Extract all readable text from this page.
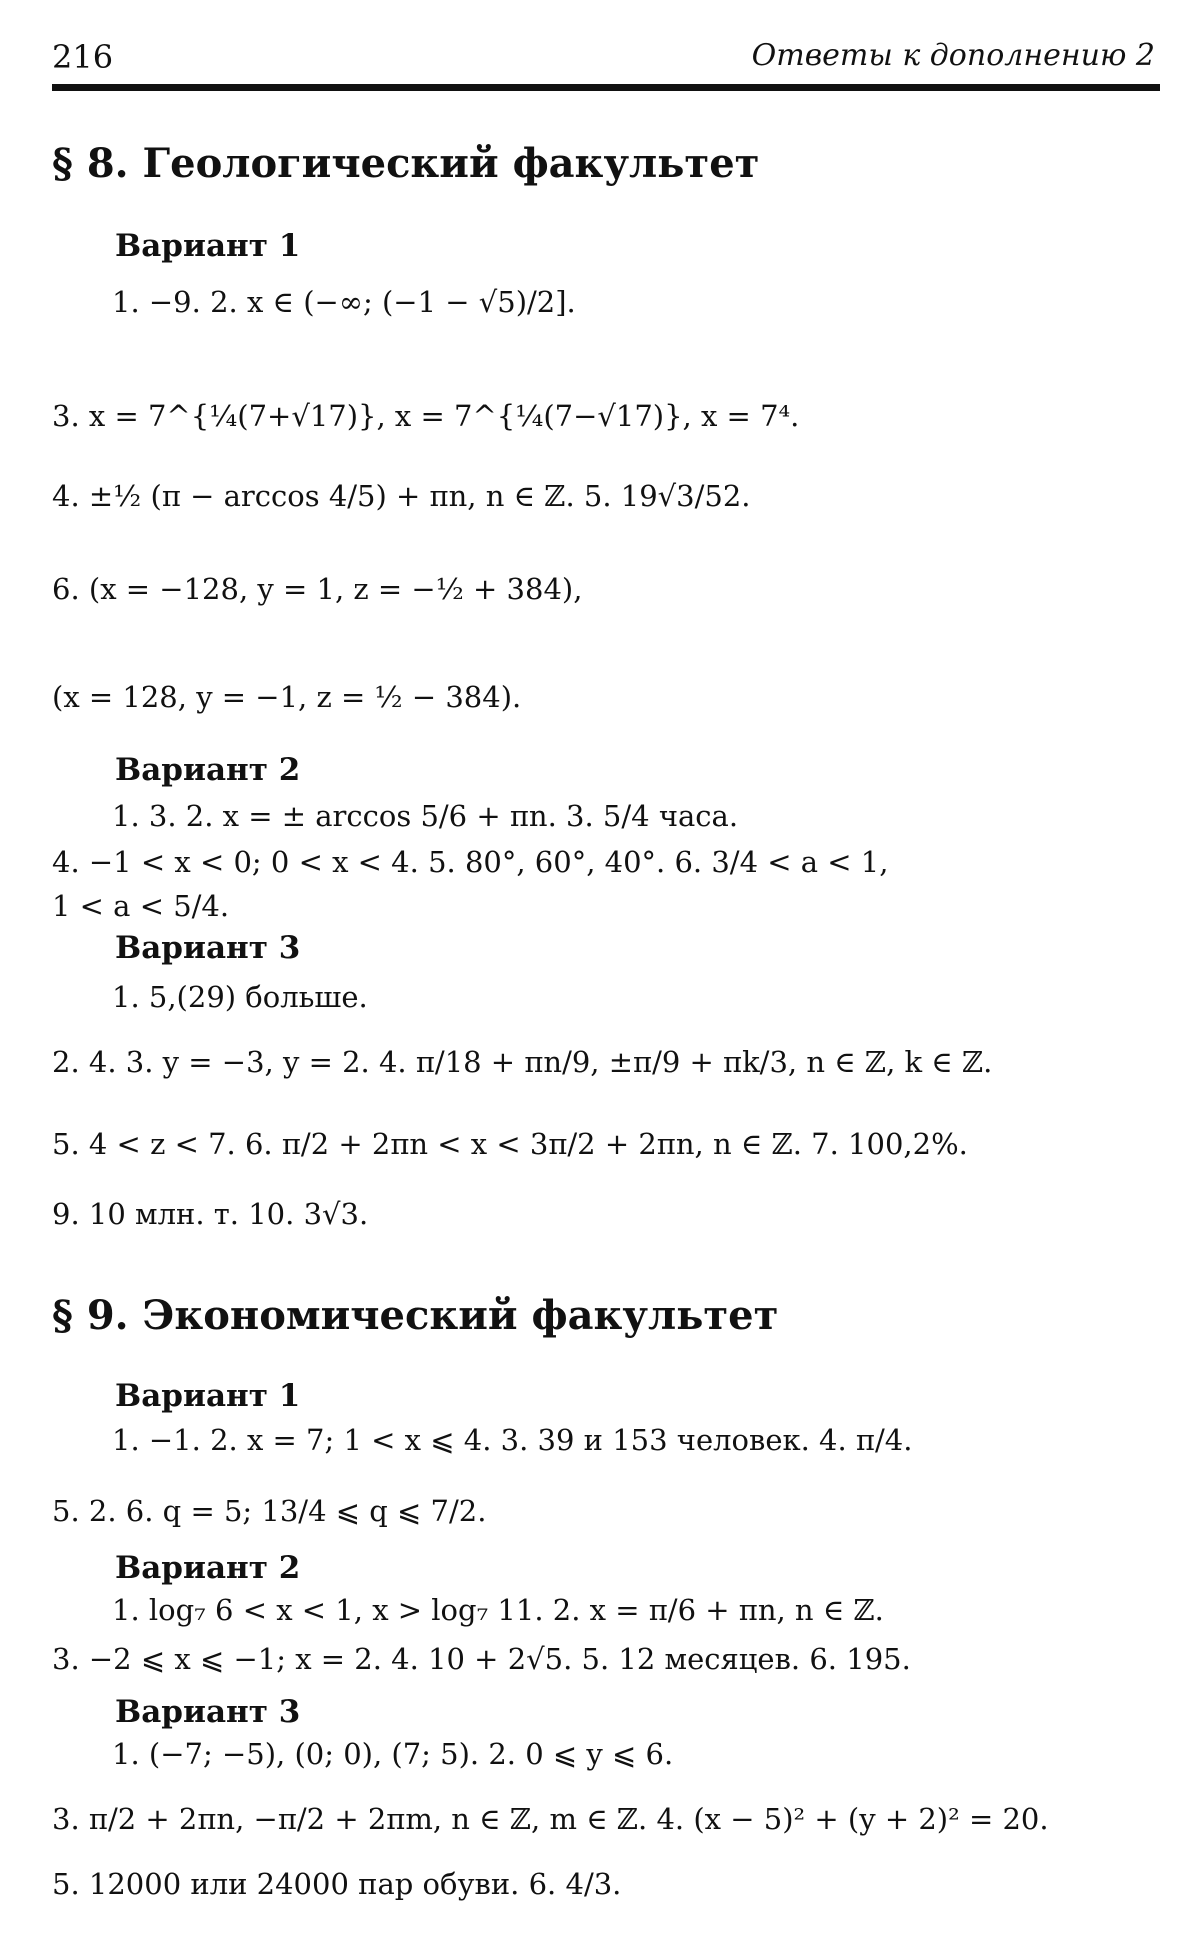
216	Ответы к дополнению 2
§ 8. Геологический факультет
Вариант 1
1. −9. 2. x ∈ (−∞; (−1 − √5)/2].
3. x = 7^{¼(7+√17)}, x = 7^{¼(7−√17)}, x = 7⁴.
4. ±½ (π − arccos 4/5) + πn, n ∈ ℤ. 5. 19√3/52.
6. (x = −128, y = 1, z = −½ + 384),
(x = 128, y = −1, z = ½ − 384).
Вариант 2
1. 3. 2. x = ± arccos 5/6 + πn. 3. 5/4 часа.
4. −1 < x < 0; 0 < x < 4. 5. 80°, 60°, 40°. 6. 3/4 < a < 1,
1 < a < 5/4.
Вариант 3
1. 5,(29) больше.
2. 4. 3. y = −3, y = 2. 4. π/18 + πn/9, ±π/9 + πk/3, n ∈ ℤ, k ∈ ℤ.
5. 4 < z < 7. 6. π/2 + 2πn < x < 3π/2 + 2πn, n ∈ ℤ. 7. 100,2%.
9. 10 млн. т. 10. 3√3.
§ 9. Экономический факультет
Вариант 1
1. −1. 2. x = 7; 1 < x ⩽ 4. 3. 39 и 153 человек. 4. π/4.
5. 2. 6. q = 5; 13/4 ⩽ q ⩽ 7/2.
Вариант 2
1. log₇ 6 < x < 1, x > log₇ 11. 2. x = π/6 + πn, n ∈ ℤ.
3. −2 ⩽ x ⩽ −1; x = 2. 4. 10 + 2√5. 5. 12 месяцев. 6. 195.
Вариант 3
1. (−7; −5), (0; 0), (7; 5). 2. 0 ⩽ y ⩽ 6.
3. π/2 + 2πn, −π/2 + 2πm, n ∈ ℤ, m ∈ ℤ. 4. (x − 5)² + (y + 2)² = 20.
5. 12000 или 24000 пар обуви. 6. 4/3.
